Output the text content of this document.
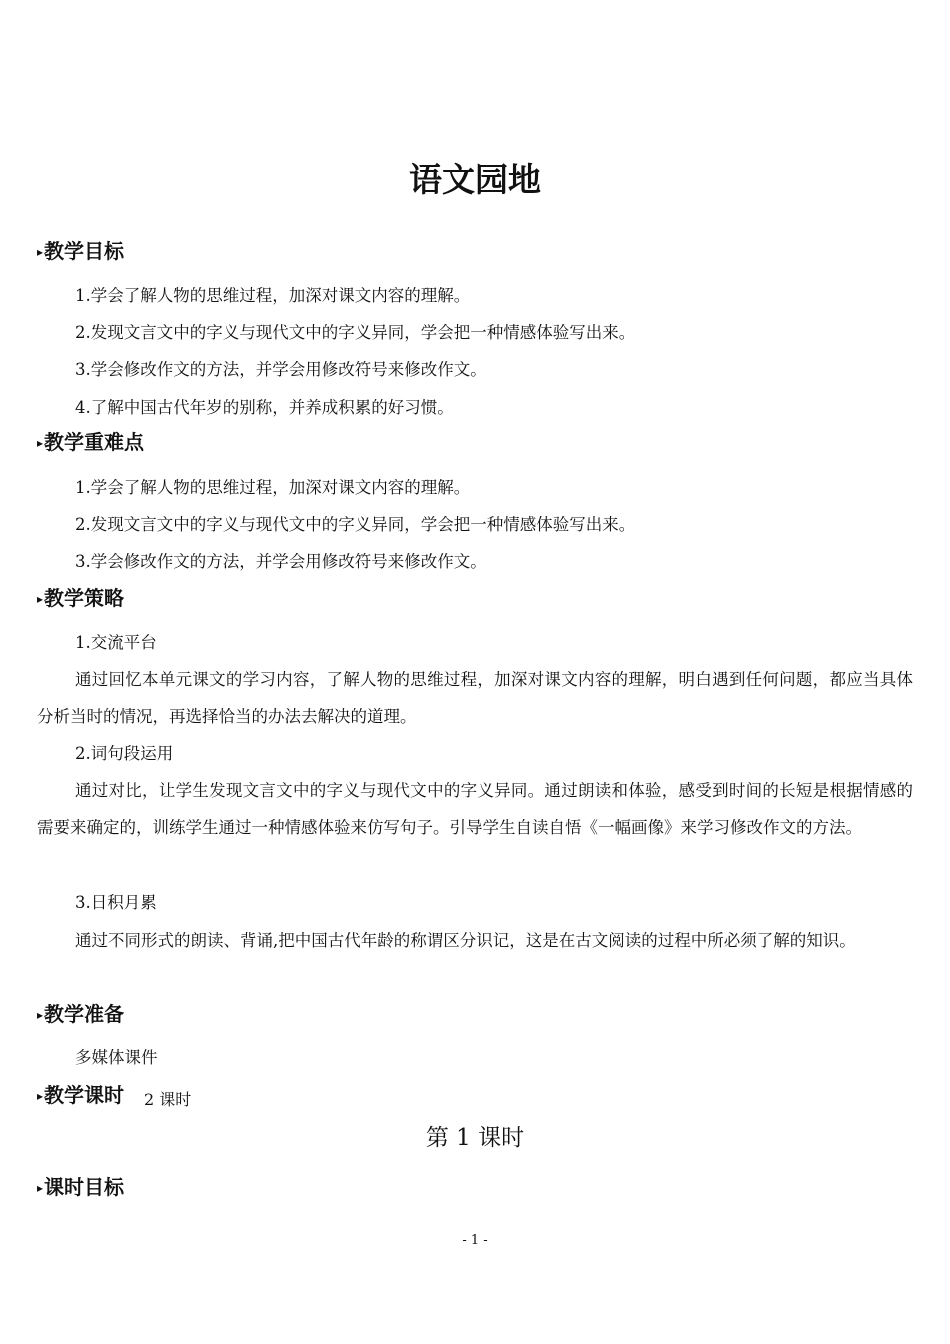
语文园地
▸教学目标
1.学会了解人物的思维过程，加深对课文内容的理解。
2.发现文言文中的字义与现代文中的字义异同，学会把一种情感体验写出来。
3.学会修改作文的方法，并学会用修改符号来修改作文。
4.了解中国古代年岁的别称，并养成积累的好习惯。
▸教学重难点
1.学会了解人物的思维过程，加深对课文内容的理解。
2.发现文言文中的字义与现代文中的字义异同，学会把一种情感体验写出来。
3.学会修改作文的方法，并学会用修改符号来修改作文。
▸教学策略
1.交流平台
通过回忆本单元课文的学习内容，了解人物的思维过程，加深对课文内容的理解，明白遇到任何问题，都应当具体分析当时的情况，再选择恰当的办法去解决的道理。
2.词句段运用
通过对比，让学生发现文言文中的字义与现代文中的字义异同。通过朗读和体验，感受到时间的长短是根据情感的需要来确定的，训练学生通过一种情感体验来仿写句子。引导学生自读自悟《一幅画像》来学习修改作文的方法。
3.日积月累
通过不同形式的朗读、背诵,把中国古代年龄的称谓区分识记，这是在古文阅读的过程中所必须了解的知识。
▸教学准备
多媒体课件
▸教学课时 2 课时
第 1 课时
▸课时目标
- 1 -
